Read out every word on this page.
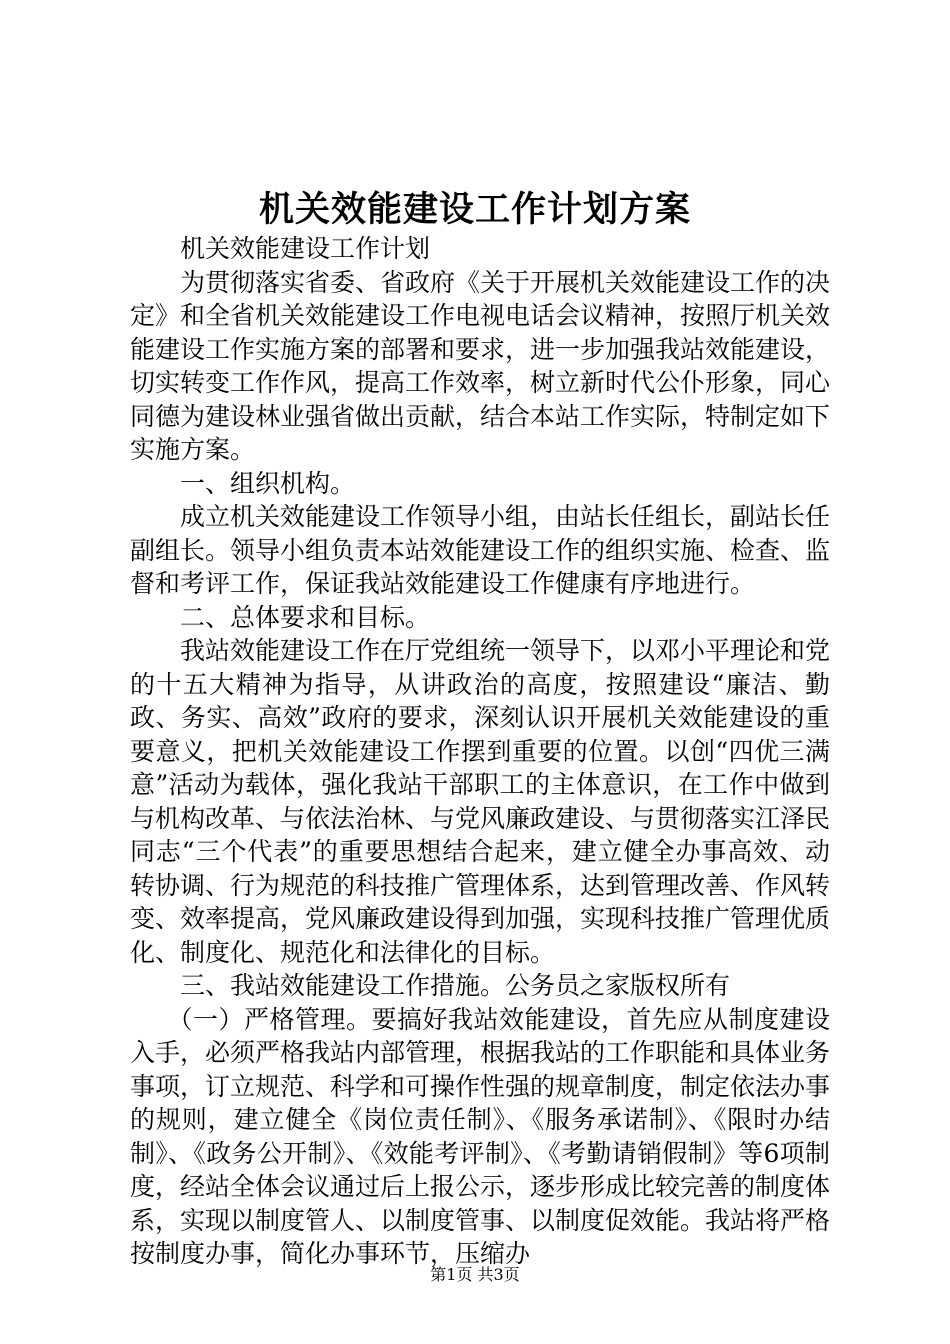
机关效能建设工作计划方案

机关效能建设工作计划

为贯彻落实省委、省政府《关于开展机关效能建设工作的决定》和全省机关效能建设工作电视电话会议精神，按照厅机关效能建设工作实施方案的部署和要求，进一步加强我站效能建设，切实转变工作作风，提高工作效率，树立新时代公仆形象，同心同德为建设林业强省做出贡献，结合本站工作实际，特制定如下实施方案。

一、组织机构。

成立机关效能建设工作领导小组，由站长任组长，副站长任副组长。领导小组负责本站效能建设工作的组织实施、检查、监督和考评工作，保证我站效能建设工作健康有序地进行。

二、总体要求和目标。

我站效能建设工作在厅党组统一领导下，以邓小平理论和党的十五大精神为指导，从讲政治的高度，按照建设“廉洁、勤政、务实、高效”政府的要求，深刻认识开展机关效能建设的重要意义，把机关效能建设工作摆到重要的位置。以创“四优三满意”活动为载体，强化我站干部职工的主体意识，在工作中做到与机构改革、与依法治林、与党风廉政建设、与贯彻落实江泽民同志“三个代表”的重要思想结合起来，建立健全办事高效、动转协调、行为规范的科技推广管理体系，达到管理改善、作风转变、效率提高，党风廉政建设得到加强，实现科技推广管理优质化、制度化、规范化和法律化的目标。

三、我站效能建设工作措施。公务员之家版权所有

（一）严格管理。要搞好我站效能建设，首先应从制度建设入手，必须严格我站内部管理，根据我站的工作职能和具体业务事项，订立规范、科学和可操作性强的规章制度，制定依法办事的规则，建立健全《岗位责任制》、《服务承诺制》、《限时办结制》、《政务公开制》、《效能考评制》、《考勤请销假制》等6项制度，经站全体会议通过后上报公示，逐步形成比较完善的制度体系，实现以制度管人、以制度管事、以制度促效能。我站将严格按制度办事，简化办事环节，压缩办

第1页 共3页
